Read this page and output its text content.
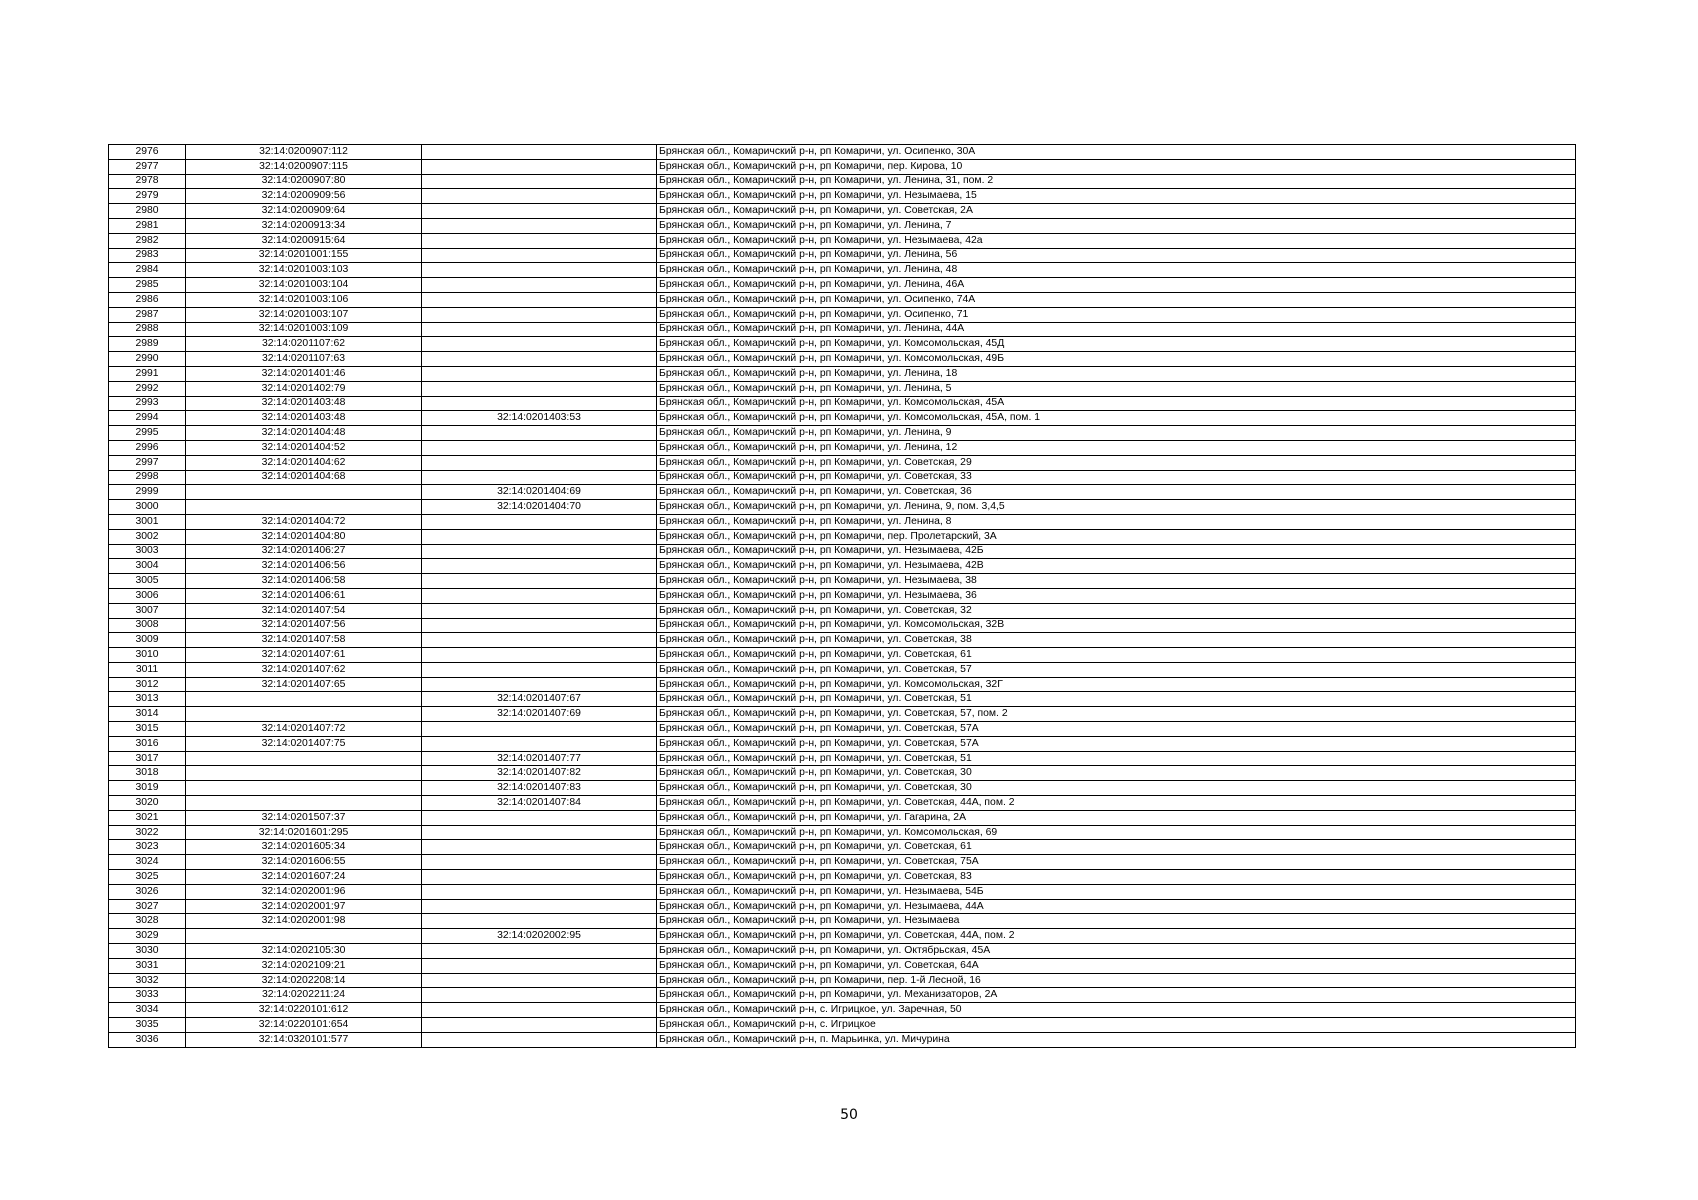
2976	32:14:0200907:112		Брянская обл., Комаричский р-н, рп Комаричи, ул. Осипенко, 30А
2977	32:14:0200907:115		Брянская обл., Комаричский р-н, рп Комаричи, пер. Кирова, 10
2978	32:14:0200907:80		Брянская обл., Комаричский р-н, рп Комаричи, ул. Ленина, 31, пом. 2
2979	32:14:0200909:56		Брянская обл., Комаричский р-н, рп Комаричи, ул. Незымаева, 15
2980	32:14:0200909:64		Брянская обл., Комаричский р-н, рп Комаричи, ул. Советская, 2А
2981	32:14:0200913:34		Брянская обл., Комаричский р-н, рп Комаричи, ул. Ленина, 7
2982	32:14:0200915:64		Брянская обл., Комаричский р-н, рп Комаричи, ул. Незымаева, 42а
2983	32:14:0201001:155		Брянская обл., Комаричский р-н, рп Комаричи, ул. Ленина, 56
2984	32:14:0201003:103		Брянская обл., Комаричский р-н, рп Комаричи, ул. Ленина, 48
2985	32:14:0201003:104		Брянская обл., Комаричский р-н, рп Комаричи, ул. Ленина, 46А
2986	32:14:0201003:106		Брянская обл., Комаричский р-н, рп Комаричи, ул. Осипенко, 74А
2987	32:14:0201003:107		Брянская обл., Комаричский р-н, рп Комаричи, ул. Осипенко, 71
2988	32:14:0201003:109		Брянская обл., Комаричский р-н, рп Комаричи, ул. Ленина, 44А
2989	32:14:0201107:62		Брянская обл., Комаричский р-н, рп Комаричи, ул. Комсомольская, 45Д
2990	32:14:0201107:63		Брянская обл., Комаричский р-н, рп Комаричи, ул. Комсомольская, 49Б
2991	32:14:0201401:46		Брянская обл., Комаричский р-н, рп Комаричи, ул. Ленина, 18
2992	32:14:0201402:79		Брянская обл., Комаричский р-н, рп Комаричи, ул. Ленина, 5
2993	32:14:0201403:48		Брянская обл., Комаричский р-н, рп Комаричи, ул. Комсомольская, 45А
2994	32:14:0201403:48	32:14:0201403:53	Брянская обл., Комаричский р-н, рп Комаричи, ул. Комсомольская, 45А, пом. 1
2995	32:14:0201404:48		Брянская обл., Комаричский р-н, рп Комаричи, ул. Ленина, 9
2996	32:14:0201404:52		Брянская обл., Комаричский р-н, рп Комаричи, ул. Ленина, 12
2997	32:14:0201404:62		Брянская обл., Комаричский р-н, рп Комаричи, ул. Советская, 29
2998	32:14:0201404:68		Брянская обл., Комаричский р-н, рп Комаричи, ул. Советская, 33
2999		32:14:0201404:69	Брянская обл., Комаричский р-н, рп Комаричи, ул. Советская, 36
3000		32:14:0201404:70	Брянская обл., Комаричский р-н, рп Комаричи, ул. Ленина, 9, пом. 3,4,5
3001	32:14:0201404:72		Брянская обл., Комаричский р-н, рп Комаричи, ул. Ленина, 8
3002	32:14:0201404:80		Брянская обл., Комаричский р-н, рп Комаричи, пер. Пролетарский, 3А
3003	32:14:0201406:27		Брянская обл., Комаричский р-н, рп Комаричи, ул. Незымаева, 42Б
3004	32:14:0201406:56		Брянская обл., Комаричский р-н, рп Комаричи, ул. Незымаева, 42В
3005	32:14:0201406:58		Брянская обл., Комаричский р-н, рп Комаричи, ул. Незымаева, 38
3006	32:14:0201406:61		Брянская обл., Комаричский р-н, рп Комаричи, ул. Незымаева, 36
3007	32:14:0201407:54		Брянская обл., Комаричский р-н, рп Комаричи, ул. Советская, 32
3008	32:14:0201407:56		Брянская обл., Комаричский р-н, рп Комаричи, ул. Комсомольская, 32В
3009	32:14:0201407:58		Брянская обл., Комаричский р-н, рп Комаричи, ул. Советская, 38
3010	32:14:0201407:61		Брянская обл., Комаричский р-н, рп Комаричи, ул. Советская, 61
3011	32:14:0201407:62		Брянская обл., Комаричский р-н, рп Комаричи, ул. Советская, 57
3012	32:14:0201407:65		Брянская обл., Комаричский р-н, рп Комаричи, ул. Комсомольская, 32Г
3013		32:14:0201407:67	Брянская обл., Комаричский р-н, рп Комаричи, ул. Советская, 51
3014		32:14:0201407:69	Брянская обл., Комаричский р-н, рп Комаричи, ул. Советская, 57, пом. 2
3015	32:14:0201407:72		Брянская обл., Комаричский р-н, рп Комаричи, ул. Советская, 57А
3016	32:14:0201407:75		Брянская обл., Комаричский р-н, рп Комаричи, ул. Советская, 57А
3017		32:14:0201407:77	Брянская обл., Комаричский р-н, рп Комаричи, ул. Советская, 51
3018		32:14:0201407:82	Брянская обл., Комаричский р-н, рп Комаричи, ул. Советская, 30
3019		32:14:0201407:83	Брянская обл., Комаричский р-н, рп Комаричи, ул. Советская, 30
3020		32:14:0201407:84	Брянская обл., Комаричский р-н, рп Комаричи, ул. Советская, 44А, пом. 2
3021	32:14:0201507:37		Брянская обл., Комаричский р-н, рп Комаричи, ул. Гагарина, 2А
3022	32:14:0201601:295		Брянская обл., Комаричский р-н, рп Комаричи, ул. Комсомольская, 69
3023	32:14:0201605:34		Брянская обл., Комаричский р-н, рп Комаричи, ул. Советская, 61
3024	32:14:0201606:55		Брянская обл., Комаричский р-н, рп Комаричи, ул. Советская, 75А
3025	32:14:0201607:24		Брянская обл., Комаричский р-н, рп Комаричи, ул. Советская, 83
3026	32:14:0202001:96		Брянская обл., Комаричский р-н, рп Комаричи, ул. Незымаева, 54Б
3027	32:14:0202001:97		Брянская обл., Комаричский р-н, рп Комаричи, ул. Незымаева, 44А
3028	32:14:0202001:98		Брянская обл., Комаричский р-н, рп Комаричи, ул. Незымаева
3029		32:14:0202002:95	Брянская обл., Комаричский р-н, рп Комаричи, ул. Советская, 44А, пом. 2
3030	32:14:0202105:30		Брянская обл., Комаричский р-н, рп Комаричи, ул. Октябрьская, 45А
3031	32:14:0202109:21		Брянская обл., Комаричский р-н, рп Комаричи, ул. Советская, 64А
3032	32:14:0202208:14		Брянская обл., Комаричский р-н, рп Комаричи, пер. 1-й Лесной, 16
3033	32:14:0202211:24		Брянская обл., Комаричский р-н, рп Комаричи, ул. Механизаторов, 2А
3034	32:14:0220101:612		Брянская обл., Комаричский р-н, с. Игрицкое, ул. Заречная, 50
3035	32:14:0220101:654		Брянская обл., Комаричский р-н, с. Игрицкое
3036	32:14:0320101:577		Брянская обл., Комаричский р-н, п. Марьинка, ул. Мичурина
50
